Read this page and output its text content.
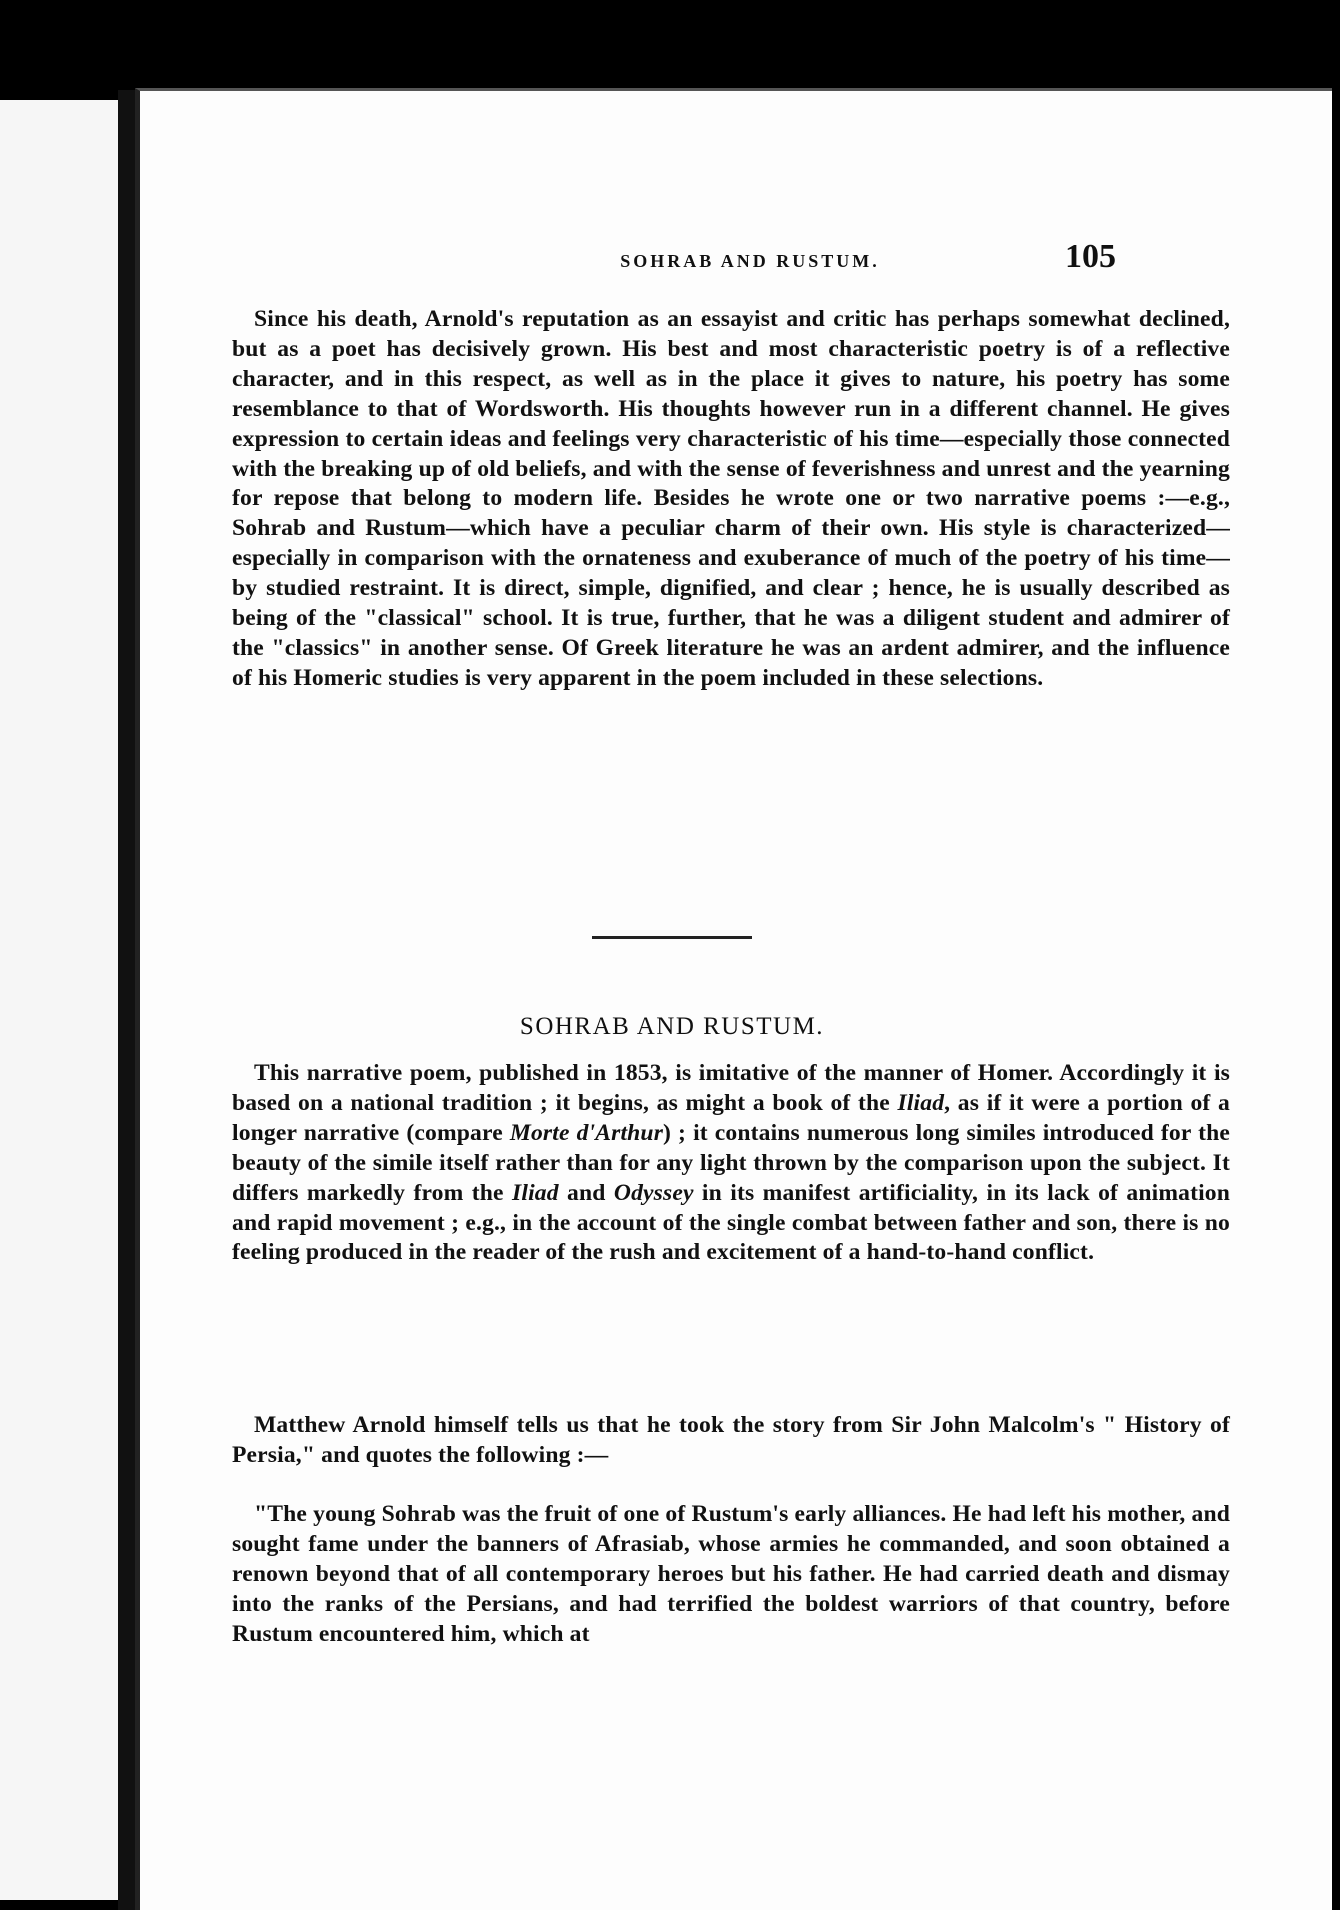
SOHRAB AND RUSTUM.	105

Since his death, Arnold's reputation as an essayist and critic has perhaps somewhat declined, but as a poet has decisively grown. His best and most characteristic poetry is of a reflective character, and in this respect, as well as in the place it gives to nature, his poetry has some resemblance to that of Wordsworth. His thoughts however run in a different channel. He gives expression to certain ideas and feelings very characteristic of his time—especially those connected with the breaking up of old beliefs, and with the sense of feverishness and unrest and the yearning for repose that belong to modern life. Besides he wrote one or two narrative poems :—e.g., Sohrab and Rustum—which have a peculiar charm of their own. His style is characterized—especially in comparison with the ornateness and exuberance of much of the poetry of his time—by studied restraint. It is direct, simple, dignified, and clear ; hence, he is usually described as being of the "classical" school. It is true, further, that he was a diligent student and admirer of the "classics" in another sense. Of Greek literature he was an ardent admirer, and the influence of his Homeric studies is very apparent in the poem included in these selections.

SOHRAB AND RUSTUM.

This narrative poem, published in 1853, is imitative of the manner of Homer. Accordingly it is based on a national tradition ; it begins, as might a book of the Iliad, as if it were a portion of a longer narrative (compare Morte d'Arthur) ; it contains numerous long similes introduced for the beauty of the simile itself rather than for any light thrown by the comparison upon the subject. It differs markedly from the Iliad and Odyssey in its manifest artificiality, in its lack of animation and rapid movement ; e.g., in the account of the single combat between father and son, there is no feeling produced in the reader of the rush and excitement of a hand-to-hand conflict.

Matthew Arnold himself tells us that he took the story from Sir John Malcolm's " History of Persia," and quotes the following :—

"The young Sohrab was the fruit of one of Rustum's early alliances. He had left his mother, and sought fame under the banners of Afrasiab, whose armies he commanded, and soon obtained a renown beyond that of all contemporary heroes but his father. He had carried death and dismay into the ranks of the Persians, and had terrified the boldest warriors of that country, before Rustum encountered him, which at
